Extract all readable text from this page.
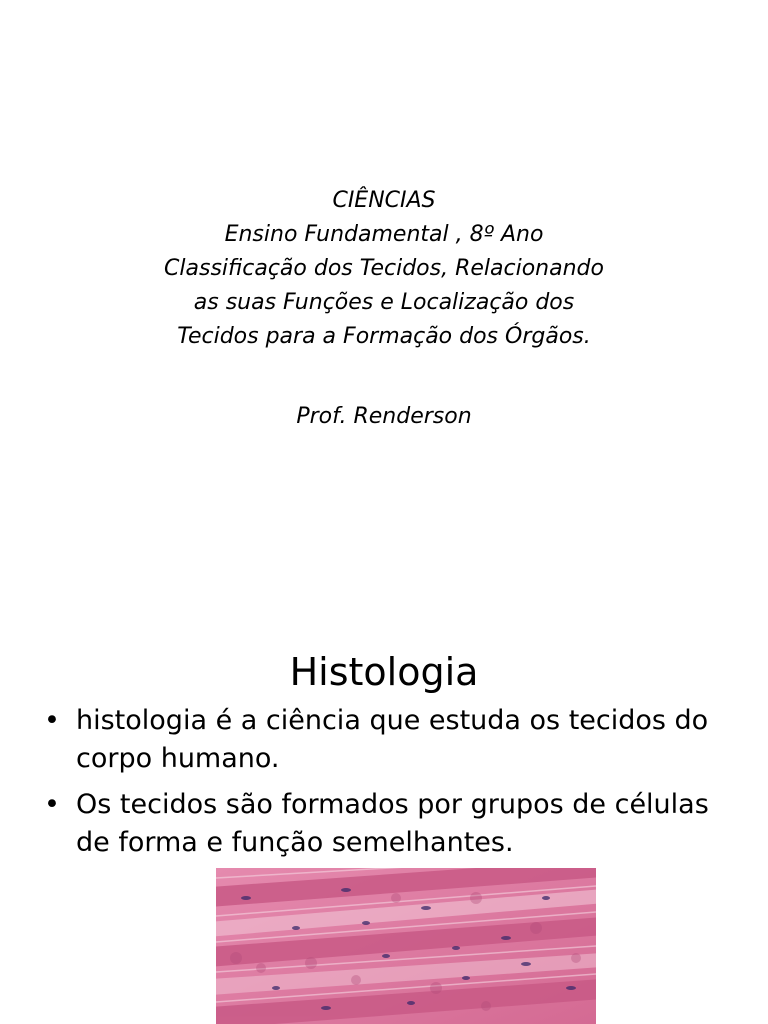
CIÊNCIAS
Ensino Fundamental , 8º Ano
Classificação dos Tecidos, Relacionando
as suas Funções e Localização dos
Tecidos para a Formação dos Órgãos.
Prof. Renderson
Histologia
• histologia é a ciência que estuda os tecidos do
corpo humano.
• Os tecidos são formados por grupos de células
de forma e função semelhantes.
